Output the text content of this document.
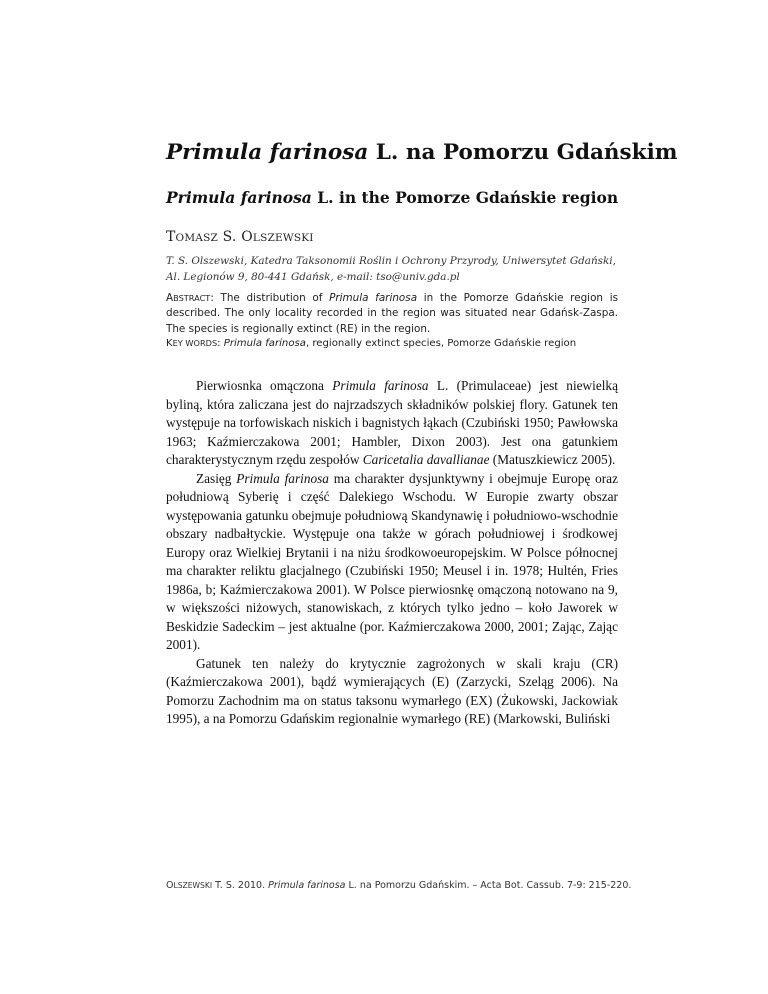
Primula farinosa L. na Pomorzu Gdańskim
Primula farinosa L. in the Pomorze Gdańskie region
TOMASZ S. OLSZEWSKI
T. S. Olszewski, Katedra Taksonomii Roślin i Ochrony Przyrody, Uniwersytet Gdański,
Al. Legionów 9, 80-441 Gdańsk, e-mail: tso@univ.gda.pl
ABSTRACT: The distribution of Primula farinosa in the Pomorze Gdańskie region is described. The only locality recorded in the region was situated near Gdańsk-Zaspa. The species is regionally extinct (RE) in the region.
KEY WORDS: Primula farinosa, regionally extinct species, Pomorze Gdańskie region

Pierwiosnka omączona Primula farinosa L. (Primulaceae) jest niewielką byliną, która zaliczana jest do najrzadszych składników polskiej flory. Gatunek ten występuje na torfowiskach niskich i bagnistych łąkach (Czubiński 1950; Pawłowska 1963; Kaźmierczakowa 2001; Hambler, Dixon 2003). Jest ona gatunkiem charakterystycznym rzędu zespołów Caricetalia davallianae (Matuszkiewicz 2005).

Zasięg Primula farinosa ma charakter dysjunktywny i obejmuje Europę oraz południową Syberię i część Dalekiego Wschodu. W Europie zwarty obszar występowania gatunku obejmuje południową Skandynawię i południowo-wschodnie obszary nadbałtyckie. Występuje ona także w górach południowej i środkowej Europy oraz Wielkiej Brytanii i na niżu środkowoeuropejskim. W Polsce północnej ma charakter reliktu glacjalnego (Czubiński 1950; Meusel i in. 1978; Hultén, Fries 1986a, b; Kaźmierczakowa 2001). W Polsce pierwiosnkę omączoną notowano na 9, w większości niżowych, stanowiskach, z których tylko jedno – koło Jaworek w Beskidzie Sadeckim – jest aktualne (por. Kaźmierczakowa 2000, 2001; Zając, Zając 2001).

Gatunek ten należy do krytycznie zagrożonych w skali kraju (CR) (Kaźmierczakowa 2001), bądź wymierających (E) (Zarzycki, Szeląg 2006). Na Pomorzu Zachodnim ma on status taksonu wymarłego (EX) (Żukowski, Jackowiak 1995), a na Pomorzu Gdańskim regionalnie wymarłego (RE) (Markowski, Buliński

OLSZEWSKI T. S. 2010. Primula farinosa L. na Pomorzu Gdańskim. – Acta Bot. Cassub. 7-9: 215-220.
